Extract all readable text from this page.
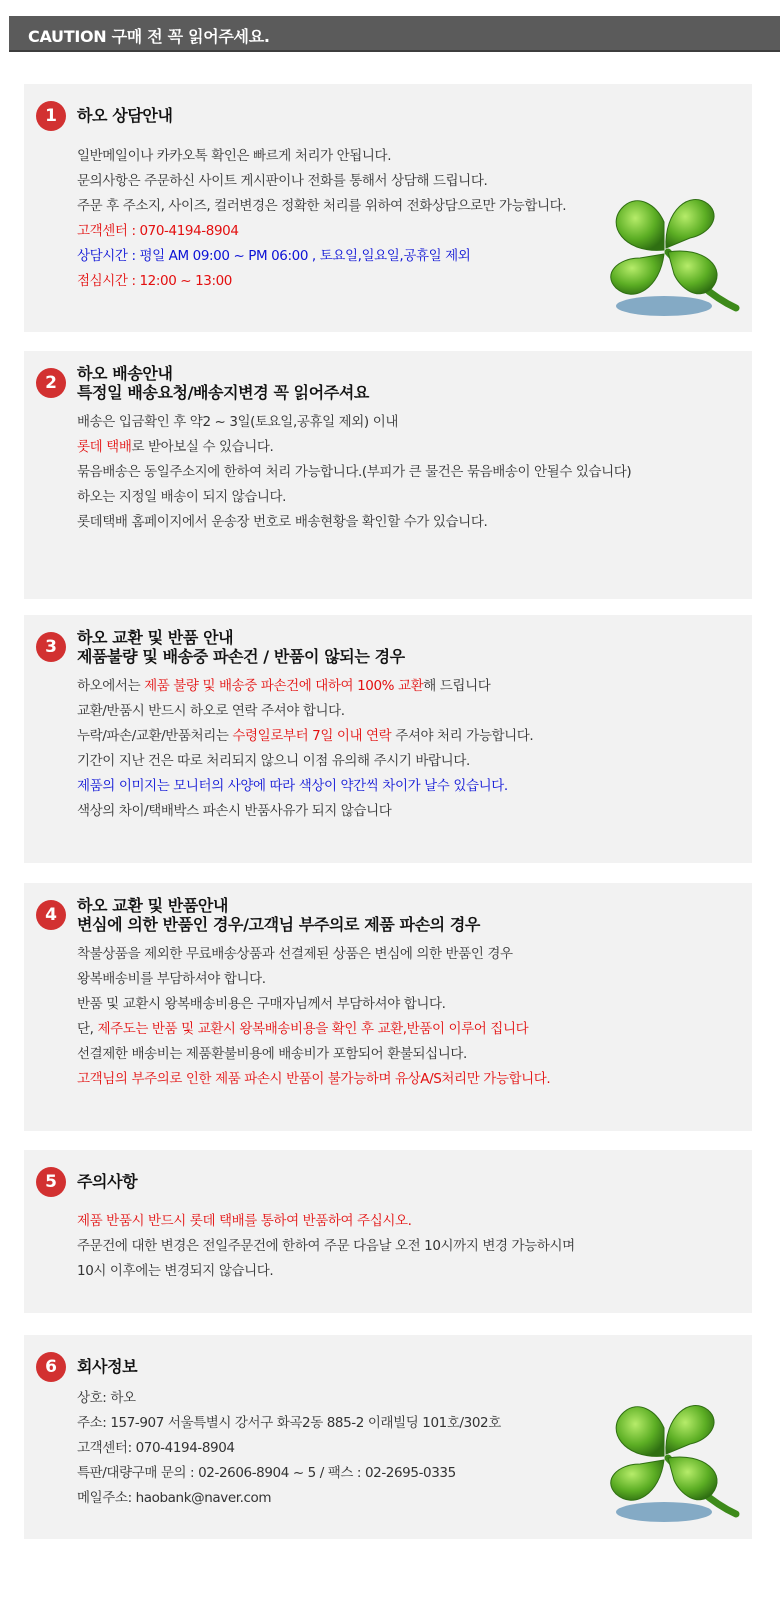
CAUTION 구매 전 꼭 읽어주세요.
1	하오 상담안내
일반메일이나 카카오톡 확인은 빠르게 처리가 안됩니다.
문의사항은 주문하신 사이트 게시판이나 전화를 통해서 상담해 드립니다.
주문 후 주소지, 사이즈, 컬러변경은 정확한 처리를 위하여 전화상담으로만 가능합니다.
고객센터 : 070-4194-8904
상담시간 : 평일 AM 09:00 ~ PM 06:00 , 토요일,일요일,공휴일 제외
점심시간 : 12:00 ~ 13:00
2	하오 배송안내
특정일 배송요청/배송지변경 꼭 읽어주셔요
배송은 입금확인 후 약2 ~ 3일(토요일,공휴일 제외) 이내
롯데 택배로 받아보실 수 있습니다.
묶음배송은 동일주소지에 한하여 처리 가능합니다.(부피가 큰 물건은 묶음배송이 안될수 있습니다)
하오는 지정일 배송이 되지 않습니다.
롯데택배 홈페이지에서 운송장 번호로 배송현황을 확인할 수가 있습니다.
3	하오 교환 및 반품 안내
제품불량 및 배송중 파손건 / 반품이 않되는 경우
하오에서는 제품 불량 및 배송중 파손건에 대하여 100% 교환해 드립니다
교환/반품시 반드시 하오로 연락 주셔야 합니다.
누락/파손/교환/반품처리는 수령일로부터 7일 이내 연락 주셔야 처리 가능합니다.
기간이 지난 건은 따로 처리되지 않으니 이점 유의해 주시기 바랍니다.
제품의 이미지는 모니터의 사양에 따라 색상이 약간씩 차이가 날수 있습니다.
색상의 차이/택배박스 파손시 반품사유가 되지 않습니다
4	하오 교환 및 반품안내
변심에 의한 반품인 경우/고객님 부주의로 제품 파손의 경우
착불상품을 제외한 무료배송상품과 선결제된 상품은 변심에 의한 반품인 경우
왕복배송비를 부담하셔야 합니다.
반품 및 교환시 왕복배송비용은 구매자님께서 부담하셔야 합니다.
단, 제주도는 반품 및 교환시 왕복배송비용을 확인 후 교환,반품이 이루어 집니다
선결제한 배송비는 제품환불비용에 배송비가 포함되어 환불되십니다.
고객님의 부주의로 인한 제품 파손시 반품이 불가능하며 유상A/S처리만 가능합니다.
5	주의사항
제품 반품시 반드시 롯데 택배를 통하여 반품하여 주십시오.
주문건에 대한 변경은 전일주문건에 한하여 주문 다음날 오전 10시까지 변경 가능하시며
10시 이후에는 변경되지 않습니다.
6	회사정보
상호: 하오
주소: 157-907 서울특별시 강서구 화곡2동 885-2 이래빌딩 101호/302호
고객센터: 070-4194-8904
특판/대량구매 문의 : 02-2606-8904 ~ 5 / 팩스 : 02-2695-0335
메일주소: haobank@naver.com
